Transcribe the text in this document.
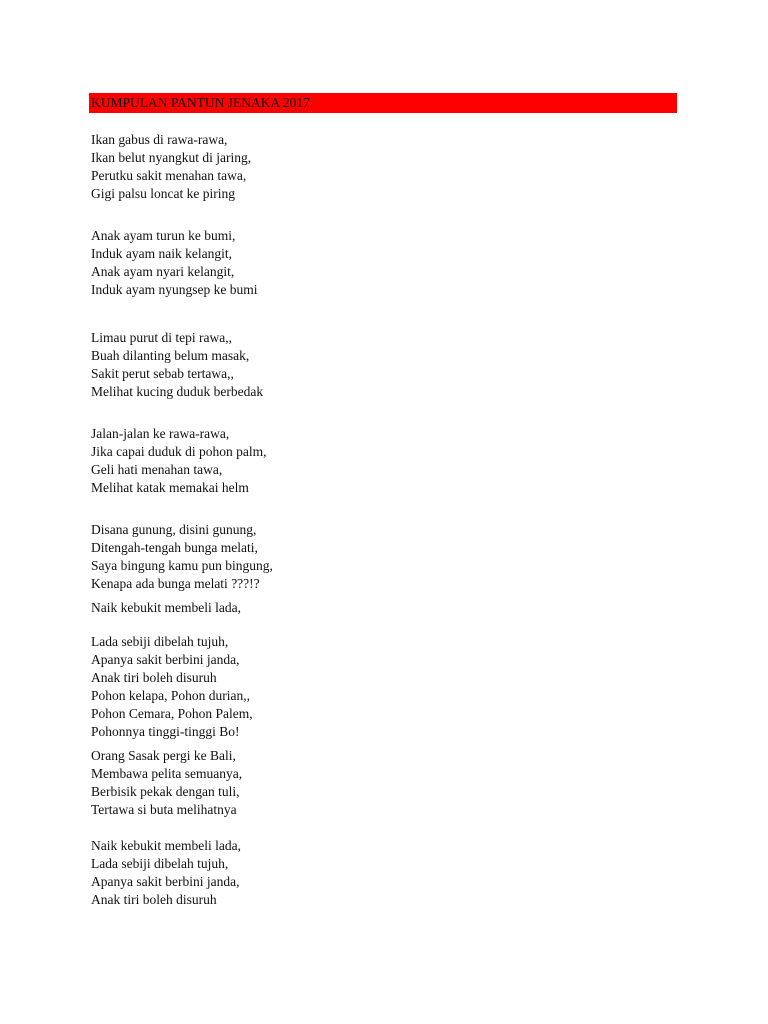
KUMPULAN PANTUN JENAKA 2017
Ikan gabus di rawa-rawa,
Ikan belut nyangkut di jaring,
Perutku sakit menahan tawa,
Gigi palsu loncat ke piring
Anak ayam turun ke bumi,
Induk ayam naik kelangit,
Anak ayam nyari kelangit,
Induk ayam nyungsep ke bumi
Limau purut di tepi rawa,,
Buah dilanting belum masak,
Sakit perut sebab tertawa,,
Melihat kucing duduk berbedak
Jalan-jalan ke rawa-rawa,
Jika capai duduk di pohon palm,
Geli hati menahan tawa,
Melihat katak memakai helm
Disana gunung, disini gunung,
Ditengah-tengah bunga melati,
Saya bingung kamu pun bingung,
Kenapa ada bunga melati ???!?
Naik kebukit membeli lada,
Lada sebiji dibelah tujuh,
Apanya sakit berbini janda,
Anak tiri boleh disuruh
Pohon kelapa, Pohon durian,,
Pohon Cemara, Pohon Palem,
Pohonnya tinggi-tinggi Bo!
Orang Sasak pergi ke Bali,
Membawa pelita semuanya,
Berbisik pekak dengan tuli,
Tertawa si buta melihatnya
Naik kebukit membeli lada,
Lada sebiji dibelah tujuh,
Apanya sakit berbini janda,
Anak tiri boleh disuruh
